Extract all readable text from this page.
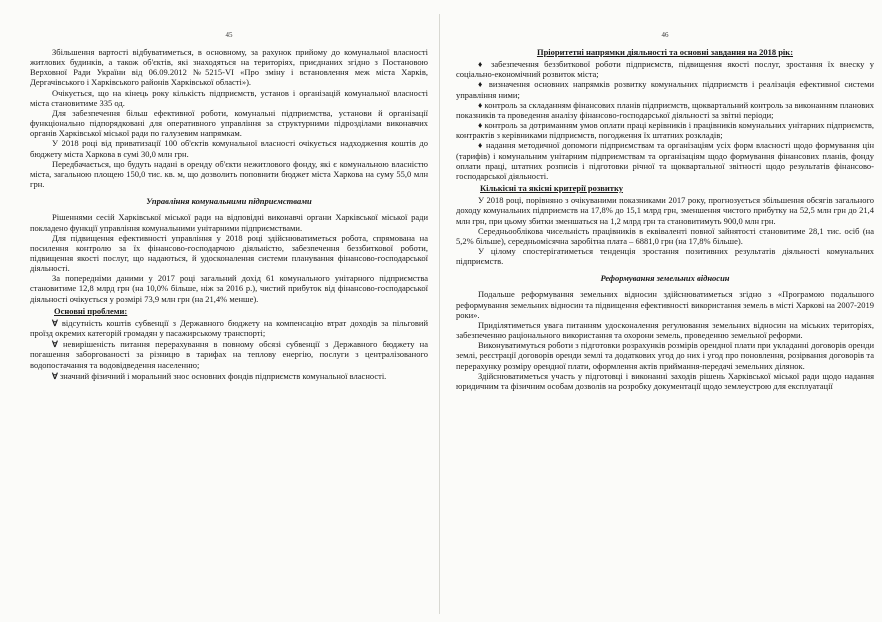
45

Збільшення вартості відбуватиметься, в основному, за рахунок прийому до комунальної власності житлових будинків, а також об'єктів, які знаходяться на територіях, приєднаних згідно з Постановою Верховної Ради України від 06.09.2012 №5215-VI «Про зміну і встановлення меж міста Харків, Дергачівського і Харківського районів Харківської області»).

Очікується, що на кінець року кількість підприємств, установ і організацій комунальної власності міста становитиме 335 од.

Для забезпечення більш ефективної роботи, комунальні підприємства, установи й організації функціонально підпорядковані для оперативного управління за структурними підрозділами виконавчих органів Харківської міської ради по галузевим напрямкам.

У 2018 році від приватизації 100 об'єктів комунальної власності очікується надходження коштів до бюджету міста Харкова в сумі 30,0 млн грн.

Передбачається, що будуть надані в оренду об'єкти нежитлового фонду, які є комунальною власністю міста, загальною площею 150,0 тис. кв. м, що дозволить поповнити бюджет міста Харкова на суму 55,0 млн грн.

Управління комунальними підприємствами

Рішеннями сесій Харківської міської ради на відповідні виконавчі органи Харківської міської ради покладено функції управління комунальними унітарними підприємствами.

Для підвищення ефективності управління у 2018 році здійснюватиметься робота, спрямована на посилення контролю за їх фінансово-господарчою діяльністю, забезпечення беззбиткової роботи, підвищення якості послуг, що надаються, й удосконалення системи планування фінансово-господарської діяльності.

За попередніми даними у 2017 році загальний дохід 61 комунального унітарного підприємства становитиме 12,8 млрд грн (на 10,0% більше, ніж за 2016 р.), чистий прибуток від фінансово-господарської діяльності очікується у розмірі 73,9 млн грн (на 21,4% менше).

Основні проблеми:

∀ відсутність коштів субвенції з Державного бюджету на компенсацію втрат доходів за пільговий проїзд окремих категорій громадян у пасажирському транспорті;

∀ невирішеність питання перерахування в повному обсязі субвенції з Державного бюджету на погашення заборгованості за різницю в тарифах на теплову енергію, послуги з централізованого водопостачання та водовідведення населенню;

∀ значний фізичний і моральний знос основних фондів підприємств комунальної власності.

46
Пріоритетні напрямки діяльності та основні завдання на 2018 рік:

♦ забезпечення беззбиткової роботи підприємств, підвищення якості послуг, зростання їх внеску у соціально-економічний розвиток міста;

♦ визначення основних напрямків розвитку комунальних підприємств і реалізація ефективної системи управління ними;

♦ контроль за складанням фінансових планів підприємств, щоквартальний контроль за виконанням планових показників та проведення аналізу фінансово-господарської діяльності за звітні періоди;

♦ контроль за дотриманням умов оплати праці керівників і працівників комунальних унітарних підприємств, контрактів з керівниками підприємств, погодження їх штатних розкладів;

♦ надання методичної допомоги підприємствам та організаціям усіх форм власності щодо формування цін (тарифів) і комунальним унітарним підприємствам та організаціям щодо формування фінансових планів, фонду оплати праці, штатних розписів і підготовки річної та щоквартальної звітності щодо результатів фінансово-господарської діяльності.

Кількісні та якісні критерії розвитку

У 2018 році, порівняно з очікуваними показниками 2017 року, прогнозується збільшення обсягів загального доходу комунальних підприємств на 17,8% до 15,1 млрд грн, зменшення чистого прибутку на 52,5 млн грн до 21,4 млн грн, при цьому збитки зменшаться на 1,2 млрд грн та становитимуть 900,0 млн грн.

Середньооблікова чисельність працівників в еквіваленті повної зайнятості становитиме 28,1 тис. осіб (на 5,2% більше), середньомісячна заробітна плата – 6881,0 грн (на 17,8% більше).

У цілому спостерігатиметься тенденція зростання позитивних результатів діяльності комунальних підприємств.

Реформування земельних відносин

Подальше реформування земельних відносин здійснюватиметься згідно з «Програмою подальшого реформування земельних відносин та підвищення ефективності використання земель в місті Харкові на 2007-2019 роки».

Приділятиметься увага питанням удосконалення регулювання земельних відносин на міських територіях, забезпеченню раціонального використання та охорони земель, проведенню земельної реформи.

Виконуватимуться роботи з підготовки розрахунків розмірів орендної плати при укладанні договорів оренди землі, реєстрації договорів оренди землі та додаткових угод до них і угод про поновлення, розірвання договорів та перерахунку розміру орендної плати, оформлення актів приймання-передачі земельних ділянок.

Здійснюватиметься участь у підготовці і виконанні заходів рішень Харківської міської ради щодо надання юридичним та фізичним особам дозволів на розробку документації щодо землеустрою для експлуатації
